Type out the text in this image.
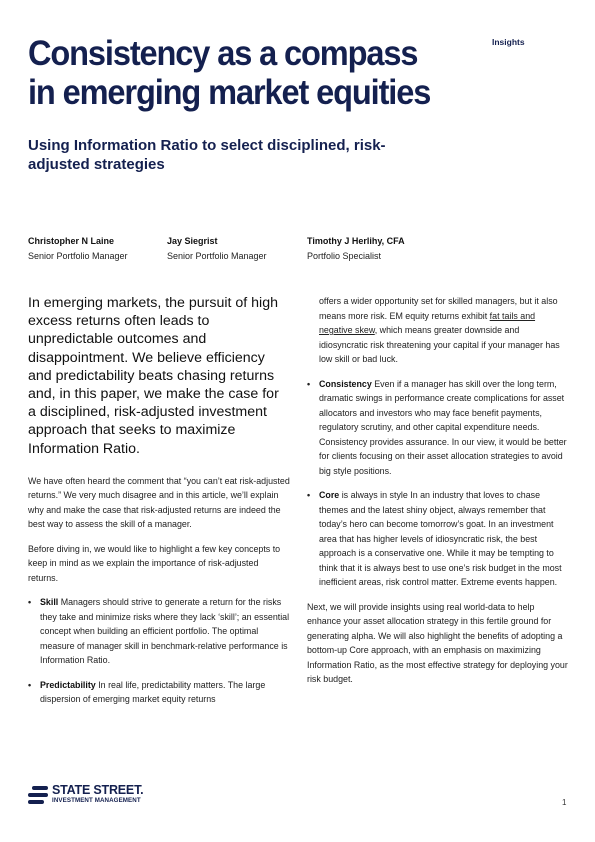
Consistency as a compass in emerging market equities
Insights
Using Information Ratio to select disciplined, risk-adjusted strategies
Christopher N Laine
Senior Portfolio Manager
Jay Siegrist
Senior Portfolio Manager
Timothy J Herlihy, CFA
Portfolio Specialist

In emerging markets, the pursuit of high excess returns often leads to unpredictable outcomes and disappointment. We believe efficiency and predictability beats chasing returns and, in this paper, we make the case for a disciplined, risk-adjusted investment approach that seeks to maximize Information Ratio.

We have often heard the comment that “you can’t eat risk-adjusted returns.” We very much disagree and in this article, we’ll explain why and make the case that risk-adjusted returns are indeed the best way to assess the skill of a manager.

Before diving in, we would like to highlight a few key concepts to keep in mind as we explain the importance of risk-adjusted returns.

• Skill Managers should strive to generate a return for the risks they take and minimize risks where they lack ‘skill’; an essential concept when building an efficient portfolio. The optimal measure of manager skill in benchmark-relative performance is Information Ratio.
• Predictability In real life, predictability matters. The large dispersion of emerging market equity returns

offers a wider opportunity set for skilled managers, but it also means more risk. EM equity returns exhibit fat tails and negative skew, which means greater downside and idiosyncratic risk threatening your capital if your manager has low skill or bad luck.

• Consistency Even if a manager has skill over the long term, dramatic swings in performance create complications for asset allocators and investors who may face benefit payments, regulatory scrutiny, and other capital expenditure needs. Consistency provides assurance. In our view, it would be better for clients focusing on their asset allocation strategies to avoid big style positions.
• Core is always in style In an industry that loves to chase themes and the latest shiny object, always remember that today’s hero can become tomorrow’s goat. In an investment area that has higher levels of idiosyncratic risk, the best approach is a conservative one. While it may be tempting to think that it is always best to use one’s risk budget in the most inefficient areas, risk control matter. Extreme events happen.

Next, we will provide insights using real world-data to help enhance your asset allocation strategy in this fertile ground for generating alpha. We will also highlight the benefits of adopting a bottom-up Core approach, with an emphasis on maximizing Information Ratio, as the most effective strategy for deploying your risk budget.

STATE STREET.
INVESTMENT MANAGEMENT	1
